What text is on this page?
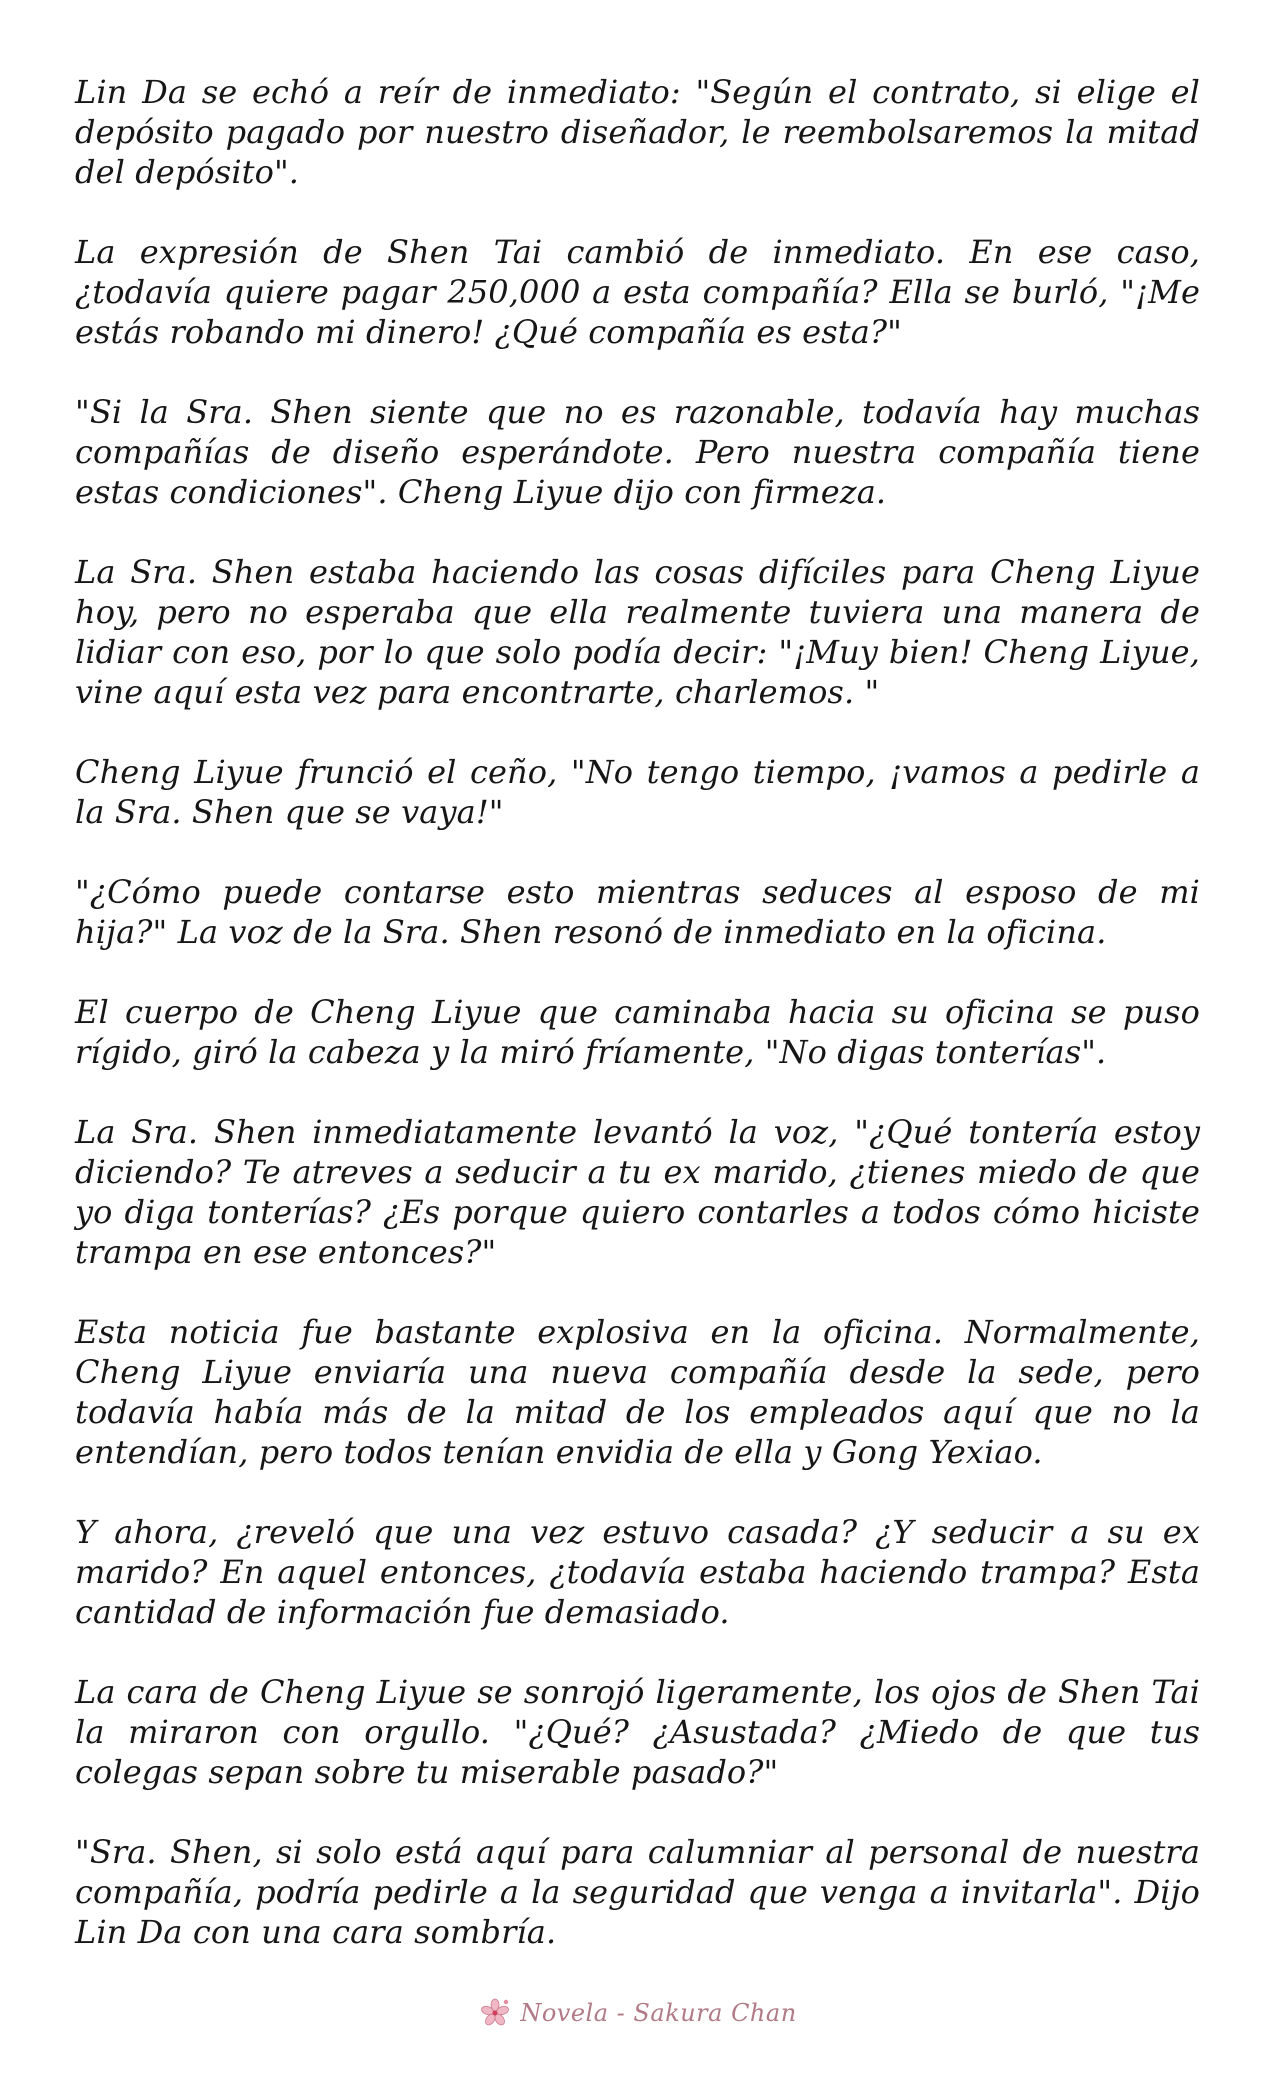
Lin Da se echó a reír de inmediato: "Según el contrato, si elige el depósito pagado por nuestro diseñador, le reembolsaremos la mitad del depósito".

La expresión de Shen Tai cambió de inmediato. En ese caso, ¿todavía quiere pagar 250,000 a esta compañía? Ella se burló, "¡Me estás robando mi dinero! ¿Qué compañía es esta?"

"Si la Sra. Shen siente que no es razonable, todavía hay muchas compañías de diseño esperándote. Pero nuestra compañía tiene estas condiciones". Cheng Liyue dijo con firmeza.

La Sra. Shen estaba haciendo las cosas difíciles para Cheng Liyue hoy, pero no esperaba que ella realmente tuviera una manera de lidiar con eso, por lo que solo podía decir: "¡Muy bien! Cheng Liyue, vine aquí esta vez para encontrarte, charlemos. "

Cheng Liyue frunció el ceño, "No tengo tiempo, ¡vamos a pedirle a la Sra. Shen que se vaya!"

"¿Cómo puede contarse esto mientras seduces al esposo de mi hija?" La voz de la Sra. Shen resonó de inmediato en la oficina.

El cuerpo de Cheng Liyue que caminaba hacia su oficina se puso rígido, giró la cabeza y la miró fríamente, "No digas tonterías".

La Sra. Shen inmediatamente levantó la voz, "¿Qué tontería estoy diciendo? Te atreves a seducir a tu ex marido, ¿tienes miedo de que yo diga tonterías? ¿Es porque quiero contarles a todos cómo hiciste trampa en ese entonces?"

Esta noticia fue bastante explosiva en la oficina. Normalmente, Cheng Liyue enviaría una nueva compañía desde la sede, pero todavía había más de la mitad de los empleados aquí que no la entendían, pero todos tenían envidia de ella y Gong Yexiao.

Y ahora, ¿reveló que una vez estuvo casada? ¿Y seducir a su ex marido? En aquel entonces, ¿todavía estaba haciendo trampa? Esta cantidad de información fue demasiado.

La cara de Cheng Liyue se sonrojó ligeramente, los ojos de Shen Tai la miraron con orgullo. "¿Qué? ¿Asustada? ¿Miedo de que tus colegas sepan sobre tu miserable pasado?"

"Sra. Shen, si solo está aquí para calumniar al personal de nuestra compañía, podría pedirle a la seguridad que venga a invitarla". Dijo Lin Da con una cara sombría.

Novela - Sakura Chan
